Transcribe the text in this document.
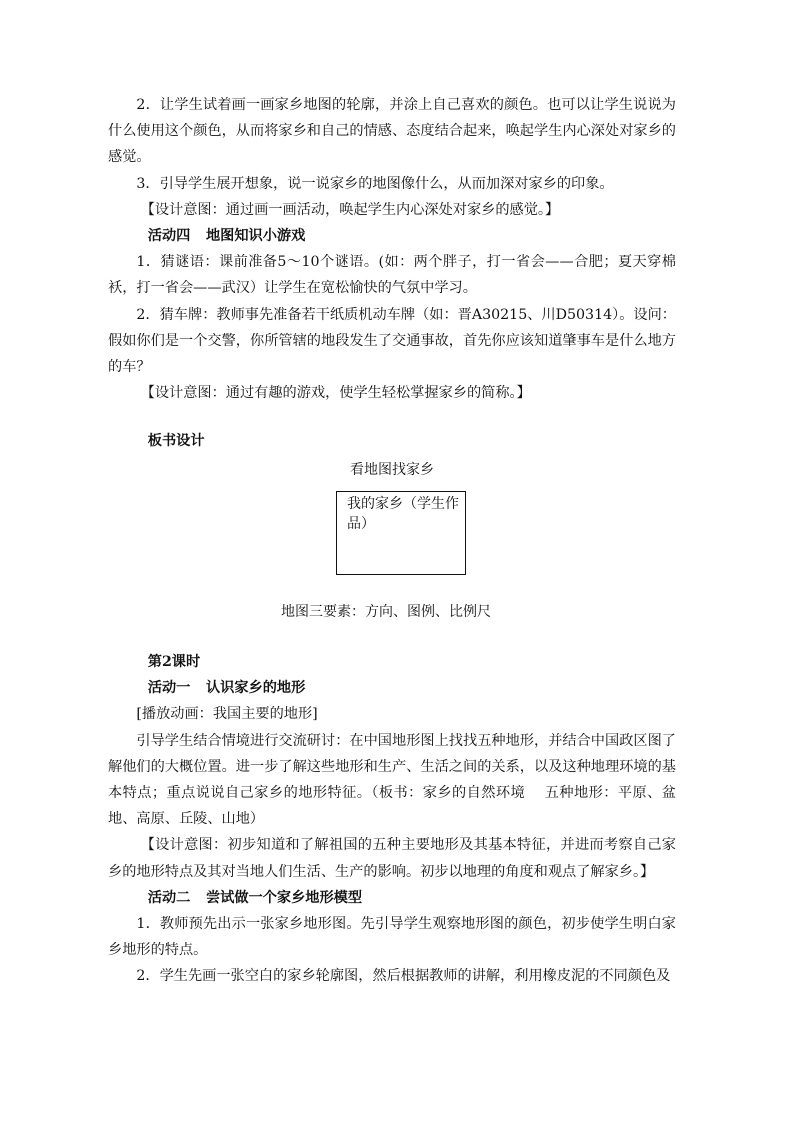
2．让学生试着画一画家乡地图的轮廓，并涂上自己喜欢的颜色。也可以让学生说说为什么使用这个颜色，从而将家乡和自己的情感、态度结合起来，唤起学生内心深处对家乡的感觉。

3．引导学生展开想象，说一说家乡的地图像什么，从而加深对家乡的印象。

【设计意图：通过画一画活动，唤起学生内心深处对家乡的感觉。】

活动四 地图知识小游戏

1．猜谜语：课前准备5～10个谜语。(如：两个胖子，打一省会——合肥；夏天穿棉袄，打一省会——武汉）让学生在宽松愉快的气氛中学习。

2．猜车牌：教师事先准备若干纸质机动车牌（如：晋A30215、川D50314）。设问：假如你们是一个交警，你所管辖的地段发生了交通事故，首先你应该知道肇事车是什么地方的车？

【设计意图：通过有趣的游戏，使学生轻松掌握家乡的简称。】

板书设计

看地图找家乡

我的家乡（学生作品）

地图三要素：方向、图例、比例尺

第2课时

活动一 认识家乡的地形

[播放动画：我国主要的地形]

引导学生结合情境进行交流研讨：在中国地形图上找找五种地形，并结合中国政区图了解他们的大概位置。进一步了解这些地形和生产、生活之间的关系，以及这种地理环境的基本特点；重点说说自己家乡的地形特征。（板书：家乡的自然环境　 五种地形：平原、盆地、高原、丘陵、山地）

【设计意图：初步知道和了解祖国的五种主要地形及其基本特征，并进而考察自己家乡的地形特点及其对当地人们生活、生产的影响。初步以地理的角度和观点了解家乡。】

活动二 尝试做一个家乡地形模型

1．教师预先出示一张家乡地形图。先引导学生观察地形图的颜色，初步使学生明白家乡地形的特点。

2．学生先画一张空白的家乡轮廓图，然后根据教师的讲解，利用橡皮泥的不同颜色及
